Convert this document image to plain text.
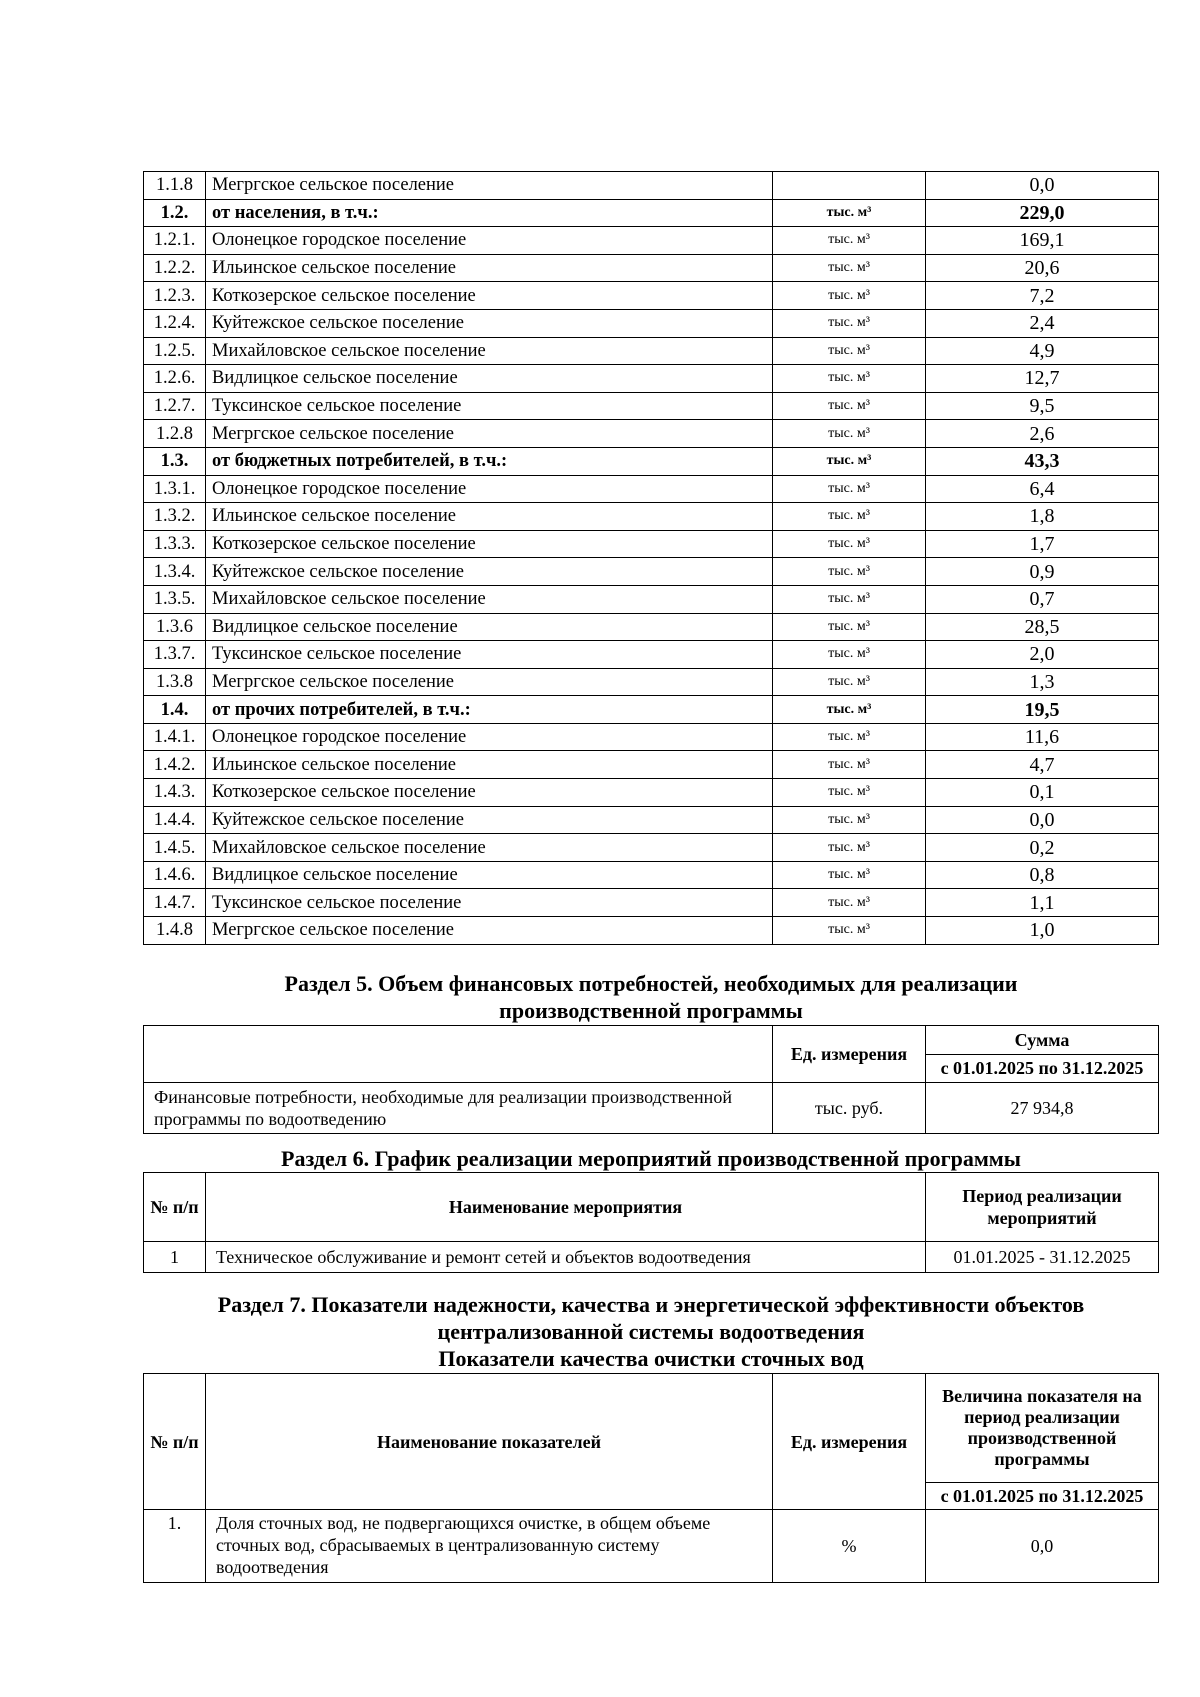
1.1.8	Мегргское сельское поселение		0,0
1.2.	от населения, в т.ч.:	тыс. м³	229,0
1.2.1.	Олонецкое городское поселение	тыс. м³	169,1
1.2.2.	Ильинское сельское поселение	тыс. м³	20,6
1.2.3.	Коткозерское сельское поселение	тыс. м³	7,2
1.2.4.	Куйтежское сельское поселение	тыс. м³	2,4
1.2.5.	Михайловское сельское поселение	тыс. м³	4,9
1.2.6.	Видлицкое сельское поселение	тыс. м³	12,7
1.2.7.	Туксинское сельское поселение	тыс. м³	9,5
1.2.8	Мегргское сельское поселение	тыс. м³	2,6
1.3.	от бюджетных потребителей, в т.ч.:	тыс. м³	43,3
1.3.1.	Олонецкое городское поселение	тыс. м³	6,4
1.3.2.	Ильинское сельское поселение	тыс. м³	1,8
1.3.3.	Коткозерское сельское поселение	тыс. м³	1,7
1.3.4.	Куйтежское сельское поселение	тыс. м³	0,9
1.3.5.	Михайловское сельское поселение	тыс. м³	0,7
1.3.6	Видлицкое сельское поселение	тыс. м³	28,5
1.3.7.	Туксинское сельское поселение	тыс. м³	2,0
1.3.8	Мегргское сельское поселение	тыс. м³	1,3
1.4.	от прочих потребителей, в т.ч.:	тыс. м³	19,5
1.4.1.	Олонецкое городское поселение	тыс. м³	11,6
1.4.2.	Ильинское сельское поселение	тыс. м³	4,7
1.4.3.	Коткозерское сельское поселение	тыс. м³	0,1
1.4.4.	Куйтежское сельское поселение	тыс. м³	0,0
1.4.5.	Михайловское сельское поселение	тыс. м³	0,2
1.4.6.	Видлицкое сельское поселение	тыс. м³	0,8
1.4.7.	Туксинское сельское поселение	тыс. м³	1,1
1.4.8	Мегргское сельское поселение	тыс. м³	1,0
Раздел 5. Объем финансовых потребностей, необходимых для реализации
производственной программы
	Ед. измерения	Сумма
		с 01.01.2025 по 31.12.2025
Финансовые потребности, необходимые для реализации производственной программы по водоотведению	тыс. руб.	27 934,8
Раздел 6. График реализации мероприятий производственной программы
№ п/п	Наименование мероприятия	Период реализации мероприятий
1	Техническое обслуживание и ремонт сетей и объектов водоотведения	01.01.2025 - 31.12.2025
Раздел 7. Показатели надежности, качества и энергетической эффективности объектов
централизованной системы водоотведения
Показатели качества очистки сточных вод
№ п/п	Наименование показателей	Ед. измерения	Величина показателя на период реализации производственной программы
			с 01.01.2025 по 31.12.2025
1.	Доля сточных вод, не подвергающихся очистке, в общем объеме сточных вод, сбрасываемых в централизованную систему водоотведения	%	0,0
